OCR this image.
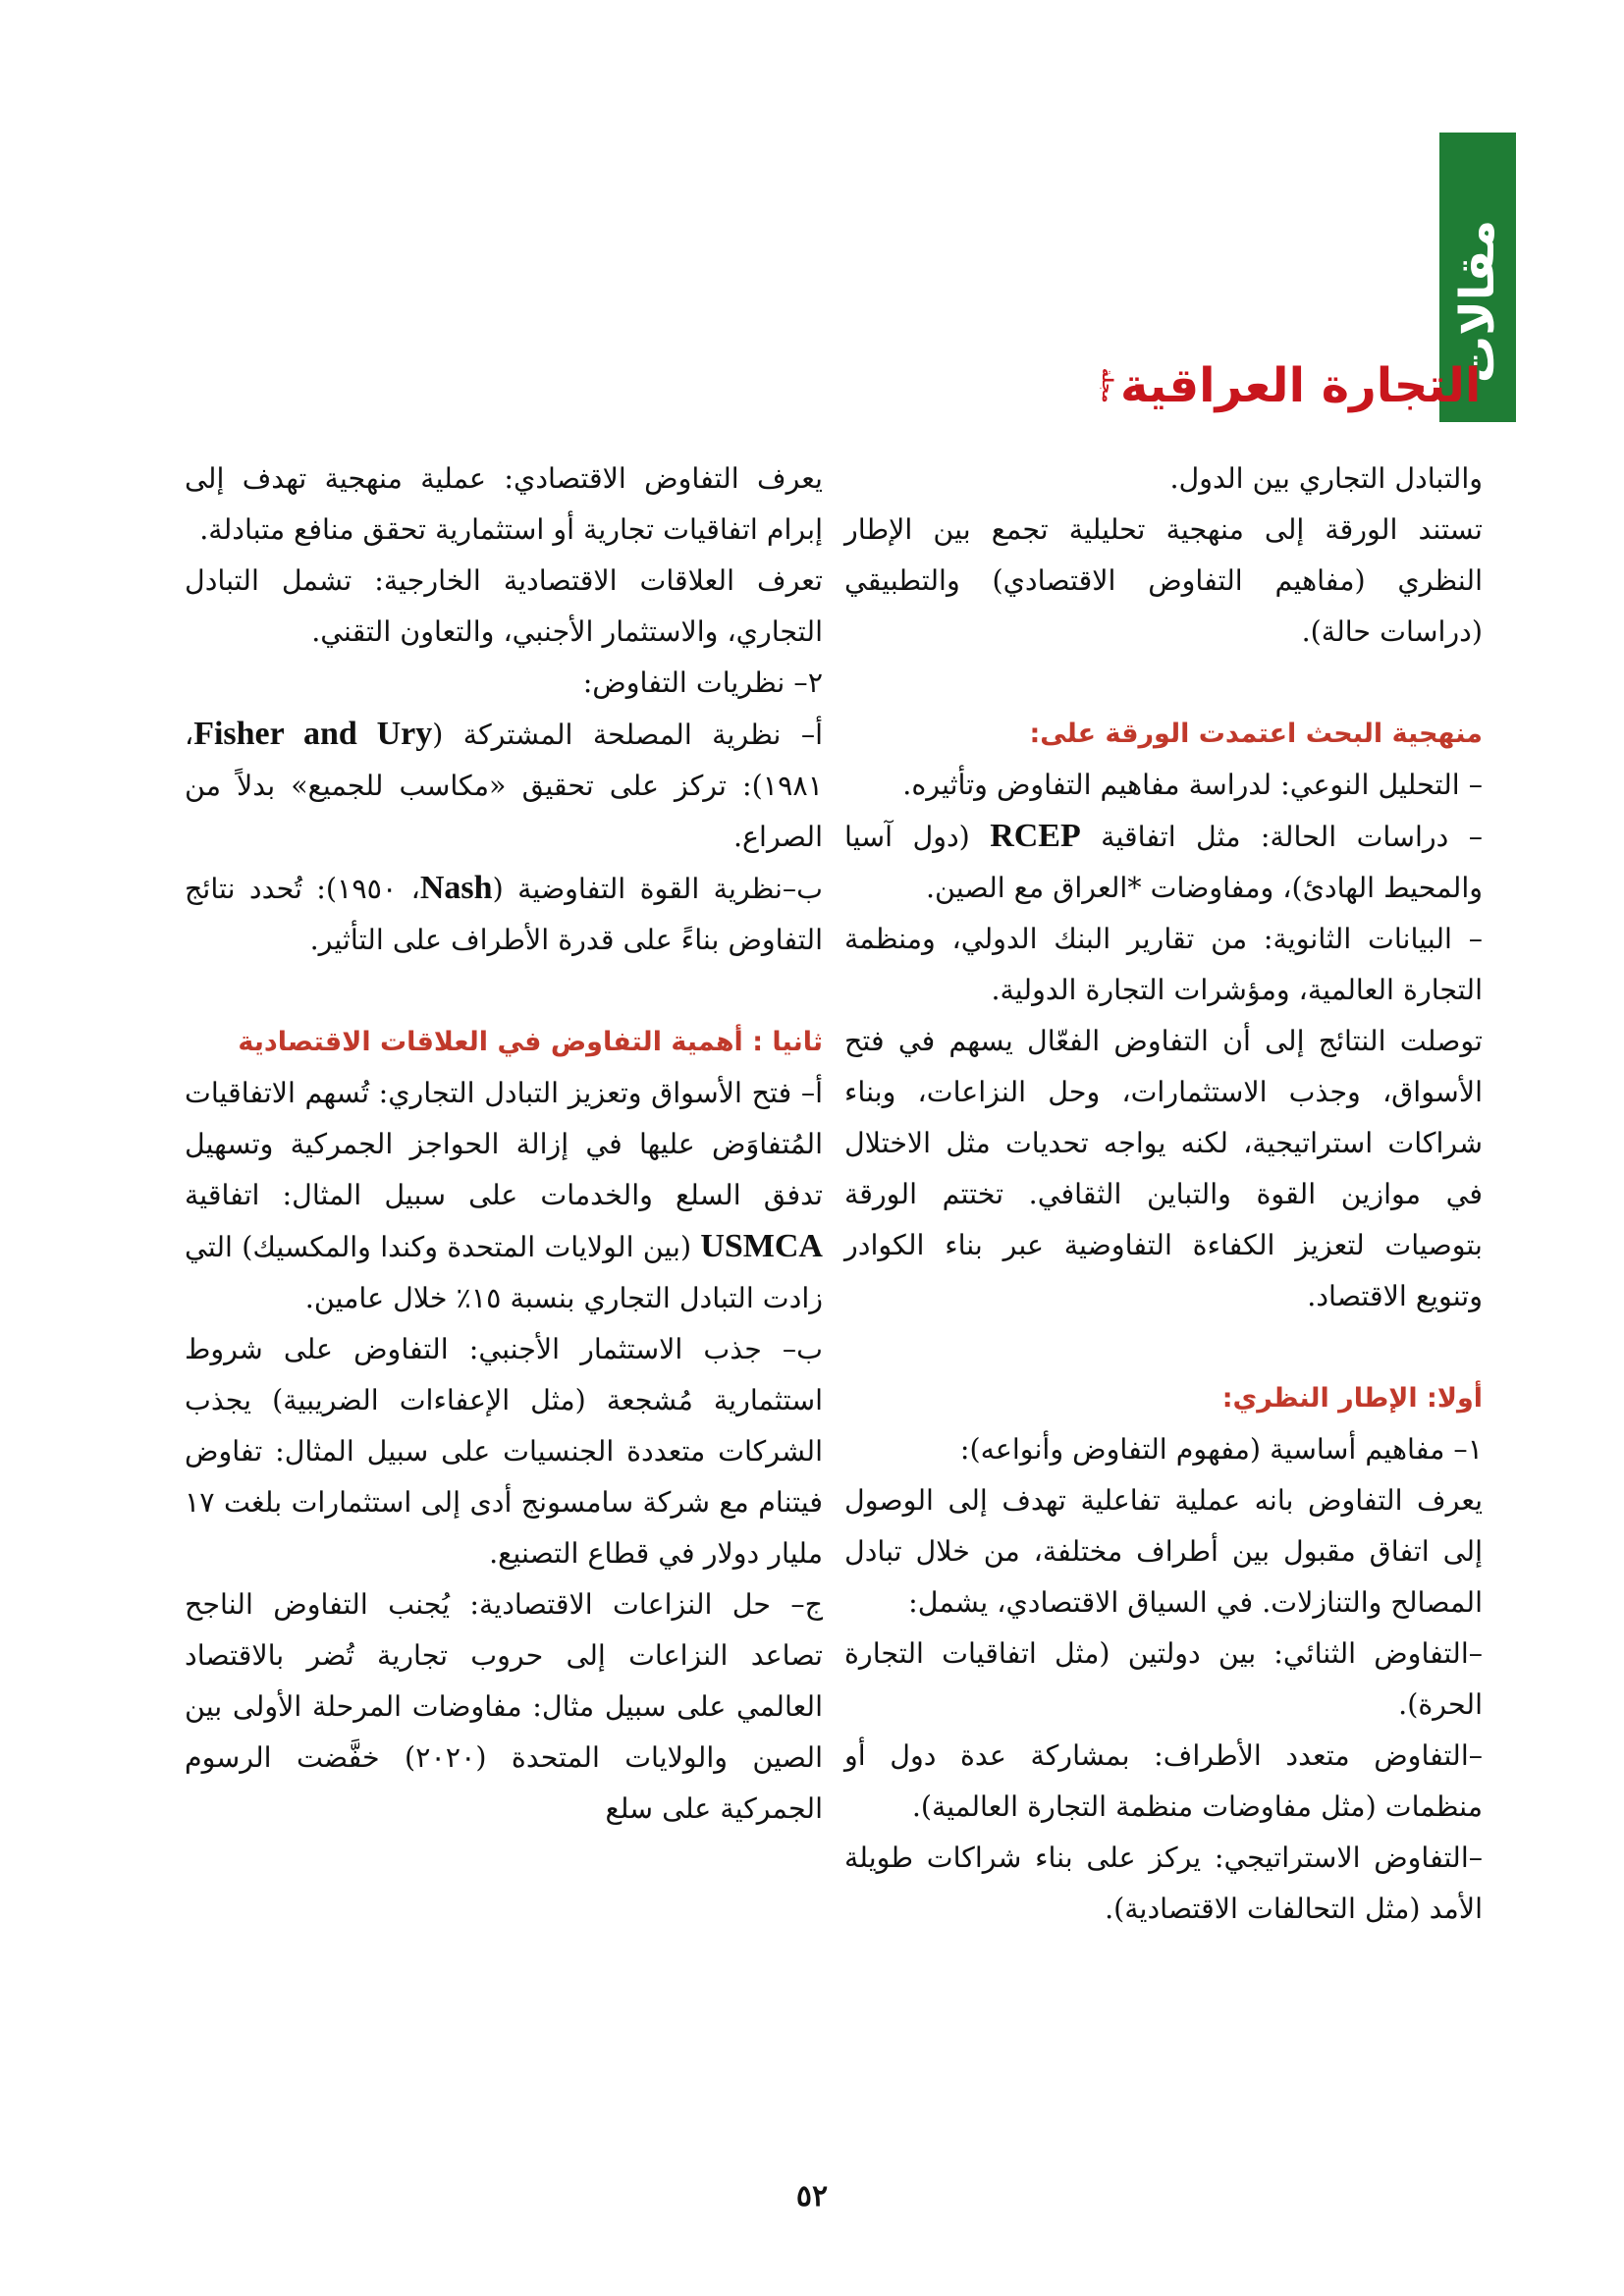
مقالات
التجارة العراقية
مجلة

والتبادل التجاري بين الدول.

تستند الورقة إلى منهجية تحليلية تجمع بين الإطار النظري (مفاهيم التفاوض الاقتصادي) والتطبيقي (دراسات حالة).

منهجية البحث اعتمدت الورقة على:

– التحليل النوعي: لدراسة مفاهيم التفاوض وتأثيره.

– دراسات الحالة: مثل اتفاقية RCEP (دول آسيا والمحيط الهادئ)، ومفاوضات *العراق مع الصين.

– البيانات الثانوية: من تقارير البنك الدولي، ومنظمة التجارة العالمية، ومؤشرات التجارة الدولية.

توصلت النتائج إلى أن التفاوض الفعّال يسهم في فتح الأسواق، وجذب الاستثمارات، وحل النزاعات، وبناء شراكات استراتيجية، لكنه يواجه تحديات مثل الاختلال في موازين القوة والتباين الثقافي. تختتم الورقة بتوصيات لتعزيز الكفاءة التفاوضية عبر بناء الكوادر وتنويع الاقتصاد.

أولا: الإطار النظري:

١– مفاهيم أساسية (مفهوم التفاوض وأنواعه):

يعرف التفاوض بانه عملية تفاعلية تهدف إلى الوصول إلى اتفاق مقبول بين أطراف مختلفة، من خلال تبادل المصالح والتنازلات. في السياق الاقتصادي، يشمل:

–التفاوض الثنائي: بين دولتين (مثل اتفاقيات التجارة الحرة).

–التفاوض متعدد الأطراف: بمشاركة عدة دول أو منظمات (مثل مفاوضات منظمة التجارة العالمية).

–التفاوض الاستراتيجي: يركز على بناء شراكات طويلة الأمد (مثل التحالفات الاقتصادية).

يعرف التفاوض الاقتصادي: عملية منهجية تهدف إلى إبرام اتفاقيات تجارية أو استثمارية تحقق منافع متبادلة.

تعرف العلاقات الاقتصادية الخارجية: تشمل التبادل التجاري، والاستثمار الأجنبي، والتعاون التقني.

٢– نظريات التفاوض:

أ– نظرية المصلحة المشتركة (Fisher and Ury، ١٩٨١): تركز على تحقيق «مكاسب للجميع» بدلاً من الصراع.

ب–نظرية القوة التفاوضية (Nash، ١٩٥٠): تُحدد نتائج التفاوض بناءً على قدرة الأطراف على التأثير.

ثانيا : أهمية التفاوض في العلاقات الاقتصادية

أ– فتح الأسواق وتعزيز التبادل التجاري: تُسهم الاتفاقيات المُتفاوَض عليها في إزالة الحواجز الجمركية وتسهيل تدفق السلع والخدمات على سبيل المثال: اتفاقية USMCA (بين الولايات المتحدة وكندا والمكسيك) التي زادت التبادل التجاري بنسبة ١٥٪ خلال عامين.

ب– جذب الاستثمار الأجنبي: التفاوض على شروط استثمارية مُشجعة (مثل الإعفاءات الضريبية) يجذب الشركات متعددة الجنسيات على سبيل المثال: تفاوض فيتنام مع شركة سامسونج أدى إلى استثمارات بلغت ١٧ مليار دولار في قطاع التصنيع.

ج– حل النزاعات الاقتصادية: يُجنب التفاوض الناجح تصاعد النزاعات إلى حروب تجارية تُضر بالاقتصاد العالمي على سبيل مثال: مفاوضات المرحلة الأولى بين الصين والولايات المتحدة (٢٠٢٠) خفَّضت الرسوم الجمركية على سلع

٥٢
